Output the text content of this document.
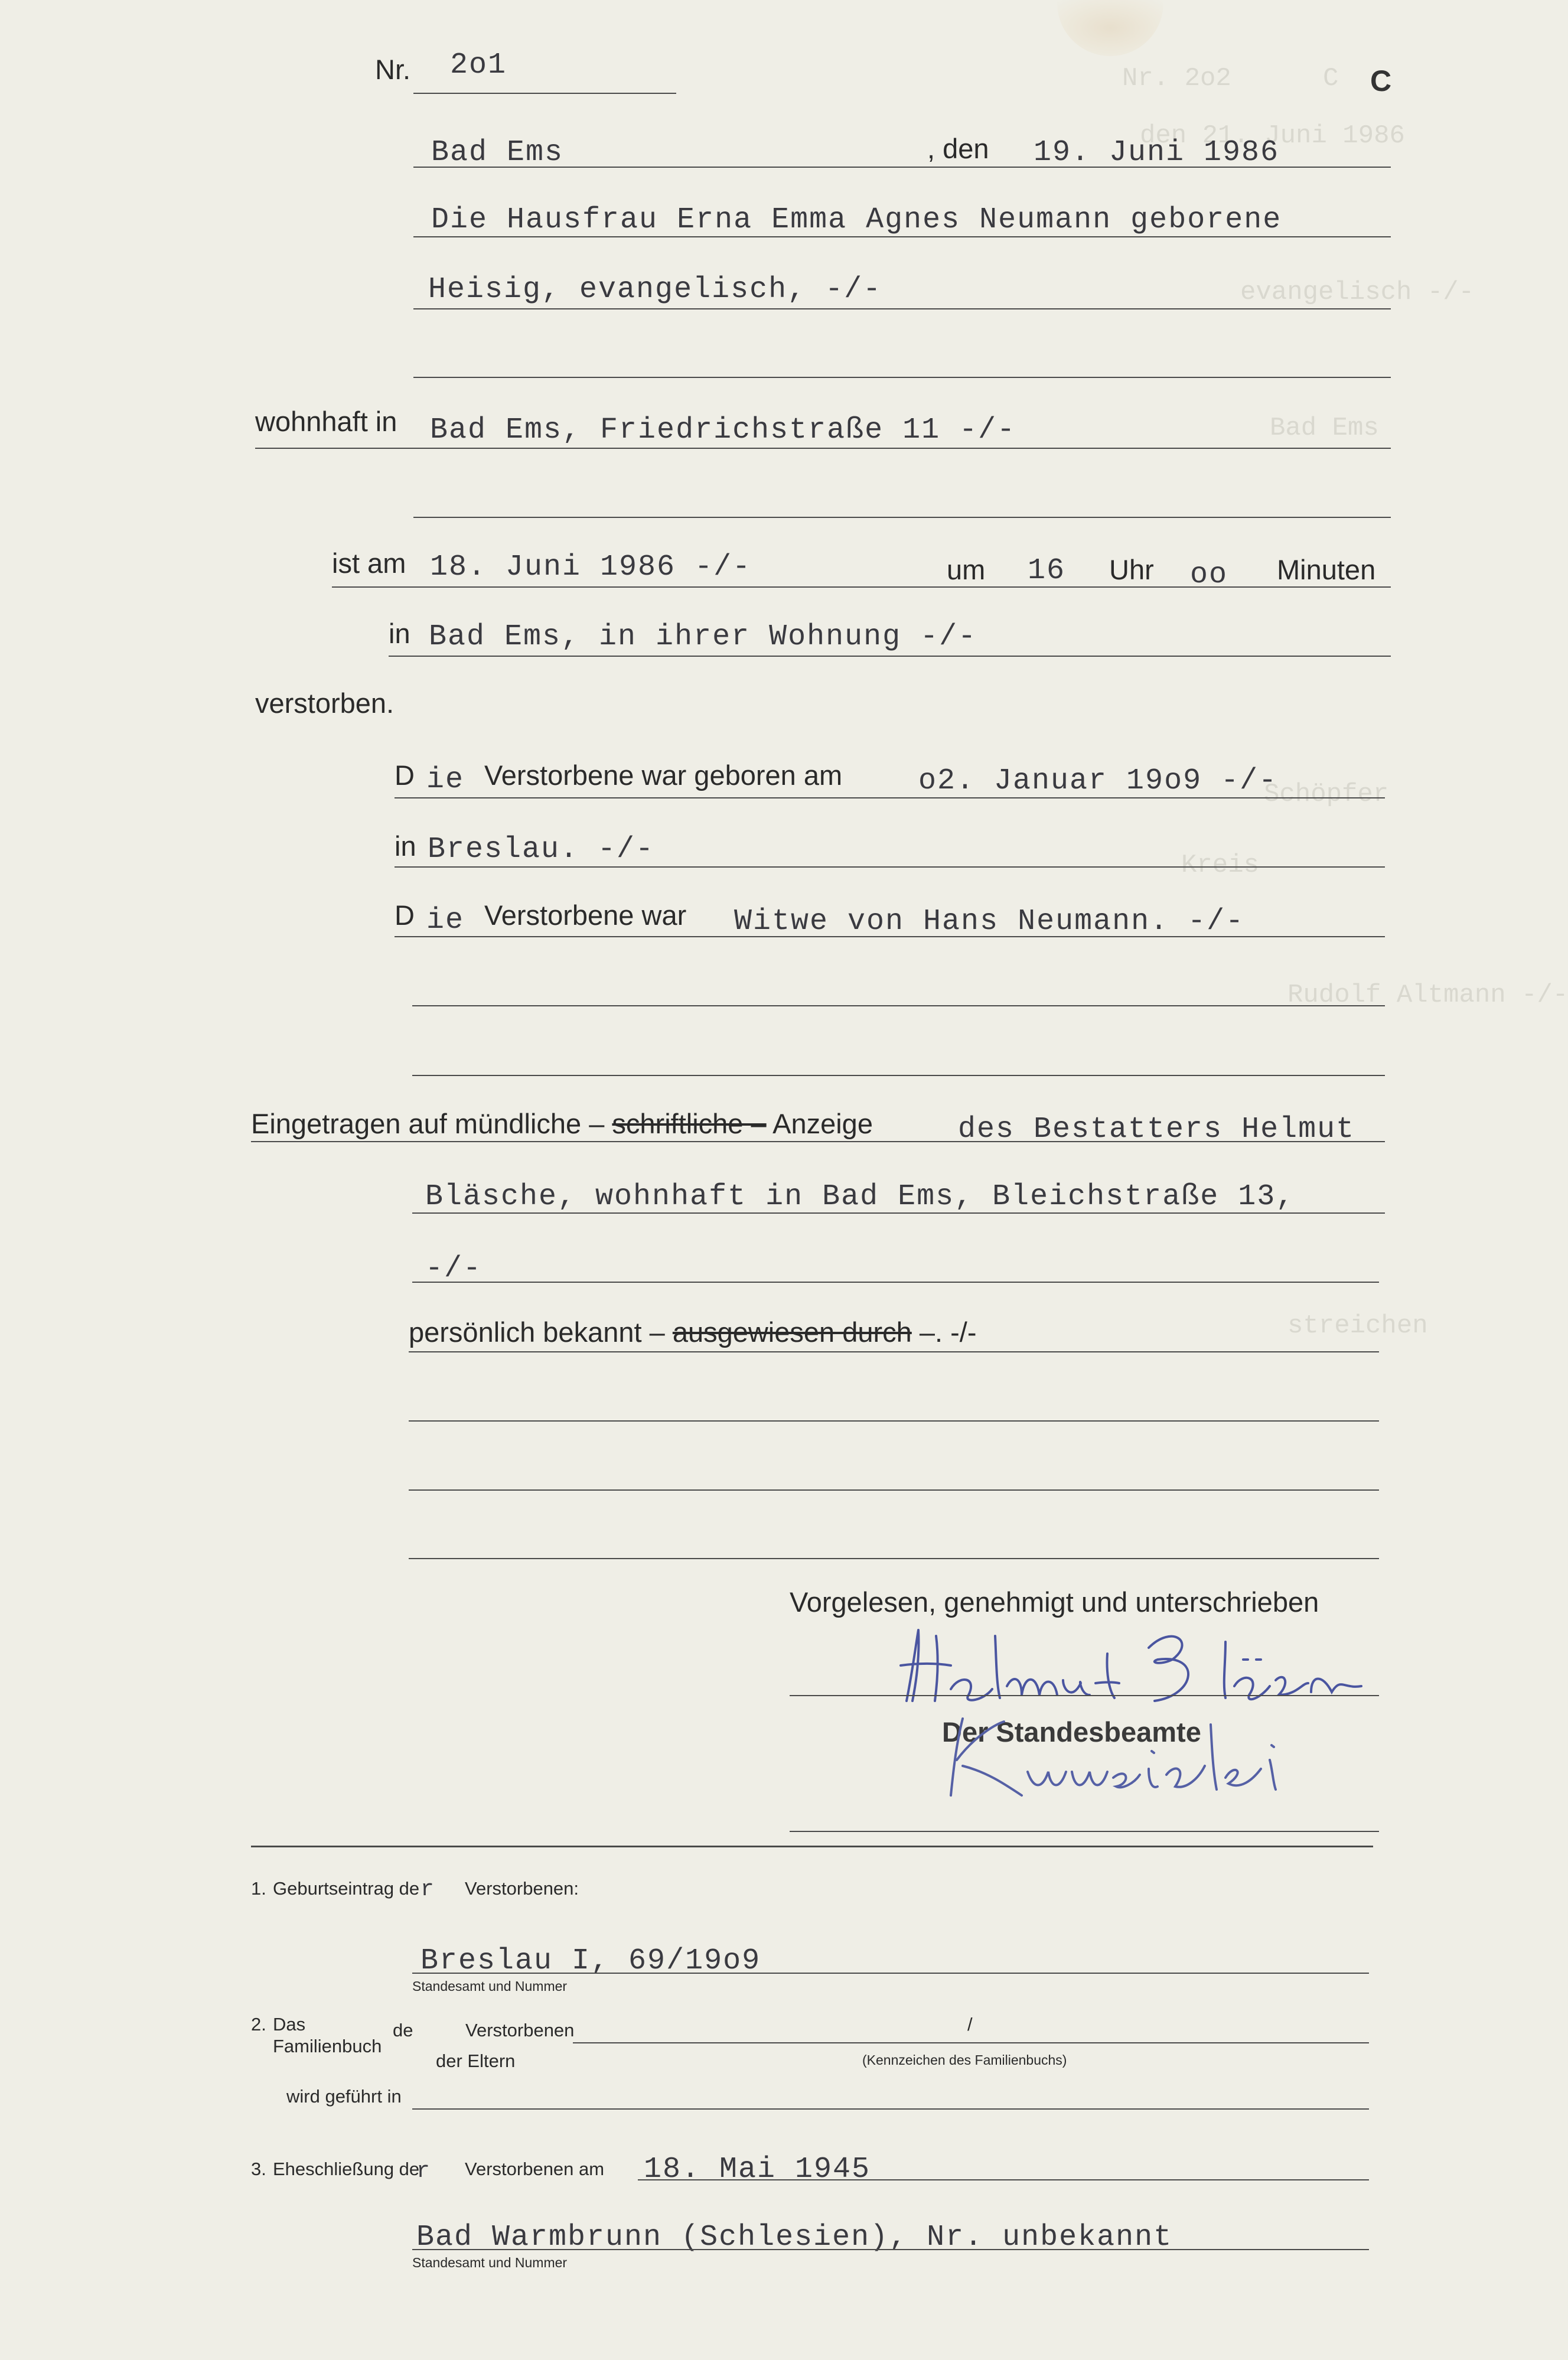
Nr. 2o2	C
den 21. Juni 1986
evangelisch -/-
Bad Ems
Schöpfer
Kreis
Rudolf Altmann -/-
streichen
C
Nr. 2o1
Bad Ems	, den 19. Juni 1986
Die Hausfrau Erna Emma Agnes Neumann geborene
Heisig, evangelisch, -/-
wohnhaft in Bad Ems, Friedrichstraße 11 -/-
ist am 18. Juni 1986 -/-	um 16 Uhr oo Minuten
in Bad Ems, in ihrer Wohnung -/-
verstorben.
D ie Verstorbene war geboren am	o2. Januar 19o9 -/-
in Breslau. -/-
D ie Verstorbene war Witwe von Hans Neumann. -/-
Eingetragen auf mündliche – schriftliche – Anzeige	des Bestatters Helmut
Bläsche, wohnhaft in Bad Ems, Bleichstraße 13,
-/-
persönlich bekannt – ausgewiesen durch –. -/-
Vorgelesen, genehmigt und unterschrieben
Helmut Bläsche
Der Standesbeamte
Kinreichter
1. Geburtseintrag de r Verstorbenen:
Breslau I, 69/19o9
Standesamt und Nummer
2. Das
Familienbuch
de	Verstorbenen	/
der Eltern	(Kennzeichen des Familienbuchs)
wird geführt in
3. Eheschließung de
r Verstorbenen am 18. Mai 1945
Bad Warmbrunn (Schlesien), Nr. unbekannt
Standesamt und Nummer
